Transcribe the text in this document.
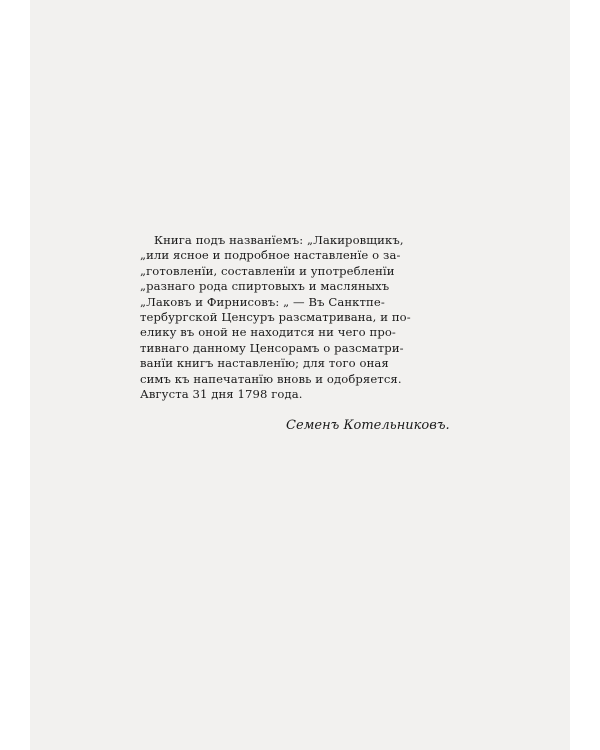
Книга подъ названїемъ: „Лакировщикъ,
„или ясное и подробное наставленїе о за-
„готовленїи, составленїи и употребленїи
„разнаго рода спиртовыхъ и масляныхъ
„Лаковъ и Фирнисовъ: „ — Въ Санктпе-
тербургской Ценсуръ разсматривана, и по-
елику въ оной не находится ни чего про-
тивнаго данному Ценсорамъ о разсматри-
ванїи книгъ наставленїю; для того оная
симъ къ напечатанїю вновь и одобряется.
Августа 31 дня 1798 года.
Семенъ Котельниковъ.
